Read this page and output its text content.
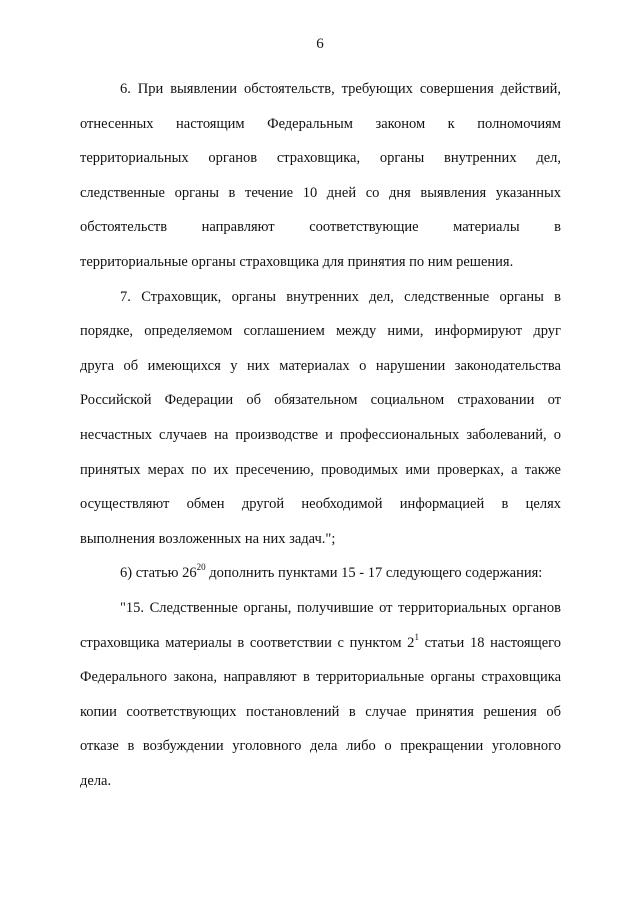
6

6. При выявлении обстоятельств, требующих совершения действий,

отнесенных настоящим Федеральным законом к полномочиям

территориальных органов страховщика, органы внутренних дел,

следственные органы в течение 10 дней со дня выявления указанных

обстоятельств направляют соответствующие материалы в

территориальные органы страховщика для принятия по ним решения.

7. Страховщик, органы внутренних дел, следственные органы в

порядке, определяемом соглашением между ними, информируют друг

друга об имеющихся у них материалах о нарушении законодательства

Российской Федерации об обязательном социальном страховании от

несчастных случаев на производстве и профессиональных заболеваний, о

принятых мерах по их пресечению, проводимых ими проверках, а также

осуществляют обмен другой необходимой информацией в целях

выполнения возложенных на них задач.";

6) статью $26^{20}$ дополнить пунктами 15 - 17 следующего содержания:

"15. Следственные органы, получившие от территориальных органов

страховщика материалы в соответствии с пунктом $2^1$ статьи 18 настоящего

Федерального закона, направляют в территориальные органы страховщика

копии соответствующих постановлений в случае принятия решения об

отказе в возбуждении уголовного дела либо о прекращении уголовного

дела.
